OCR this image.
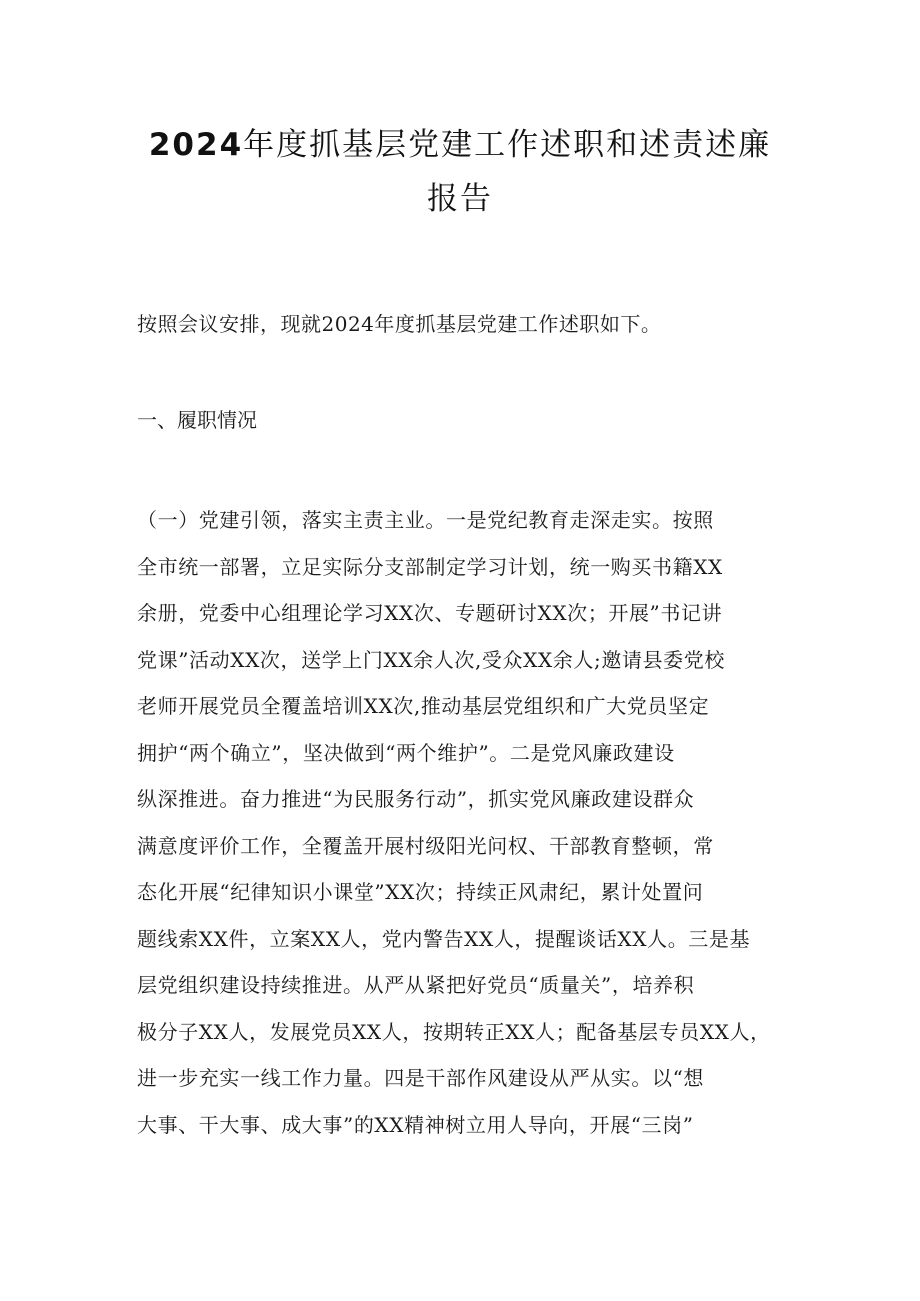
2024年度抓基层党建工作述职和述责述廉
报告

按照会议安排，现就2024年度抓基层党建工作述职如下。

一、履职情况
（一）党建引领，落实主责主业。一是党纪教育走深走实。按照
全市统一部署，立足实际分支部制定学习计划，统一购买书籍XX
余册，党委中心组理论学习XX次、专题研讨XX次；开展”书记讲
党课”活动XX次，送学上门XX余人次,受众XX余人;邀请县委党校
老师开展党员全覆盖培训XX次,推动基层党组织和广大党员坚定
拥护“两个确立”，坚决做到“两个维护”。二是党风廉政建设
纵深推进。奋力推进“为民服务行动”，抓实党风廉政建设群众
满意度评价工作，全覆盖开展村级阳光问权、干部教育整顿，常
态化开展“纪律知识小课堂”XX次；持续正风肃纪，累计处置问
题线索XX件，立案XX人，党内警告XX人，提醒谈话XX人。三是基
层党组织建设持续推进。从严从紧把好党员“质量关”，培养积
极分子XX人，发展党员XX人，按期转正XX人；配备基层专员XX人，
进一步充实一线工作力量。四是干部作风建设从严从实。以“想
大事、干大事、成大事”的XX精神树立用人导向，开展“三岗”
